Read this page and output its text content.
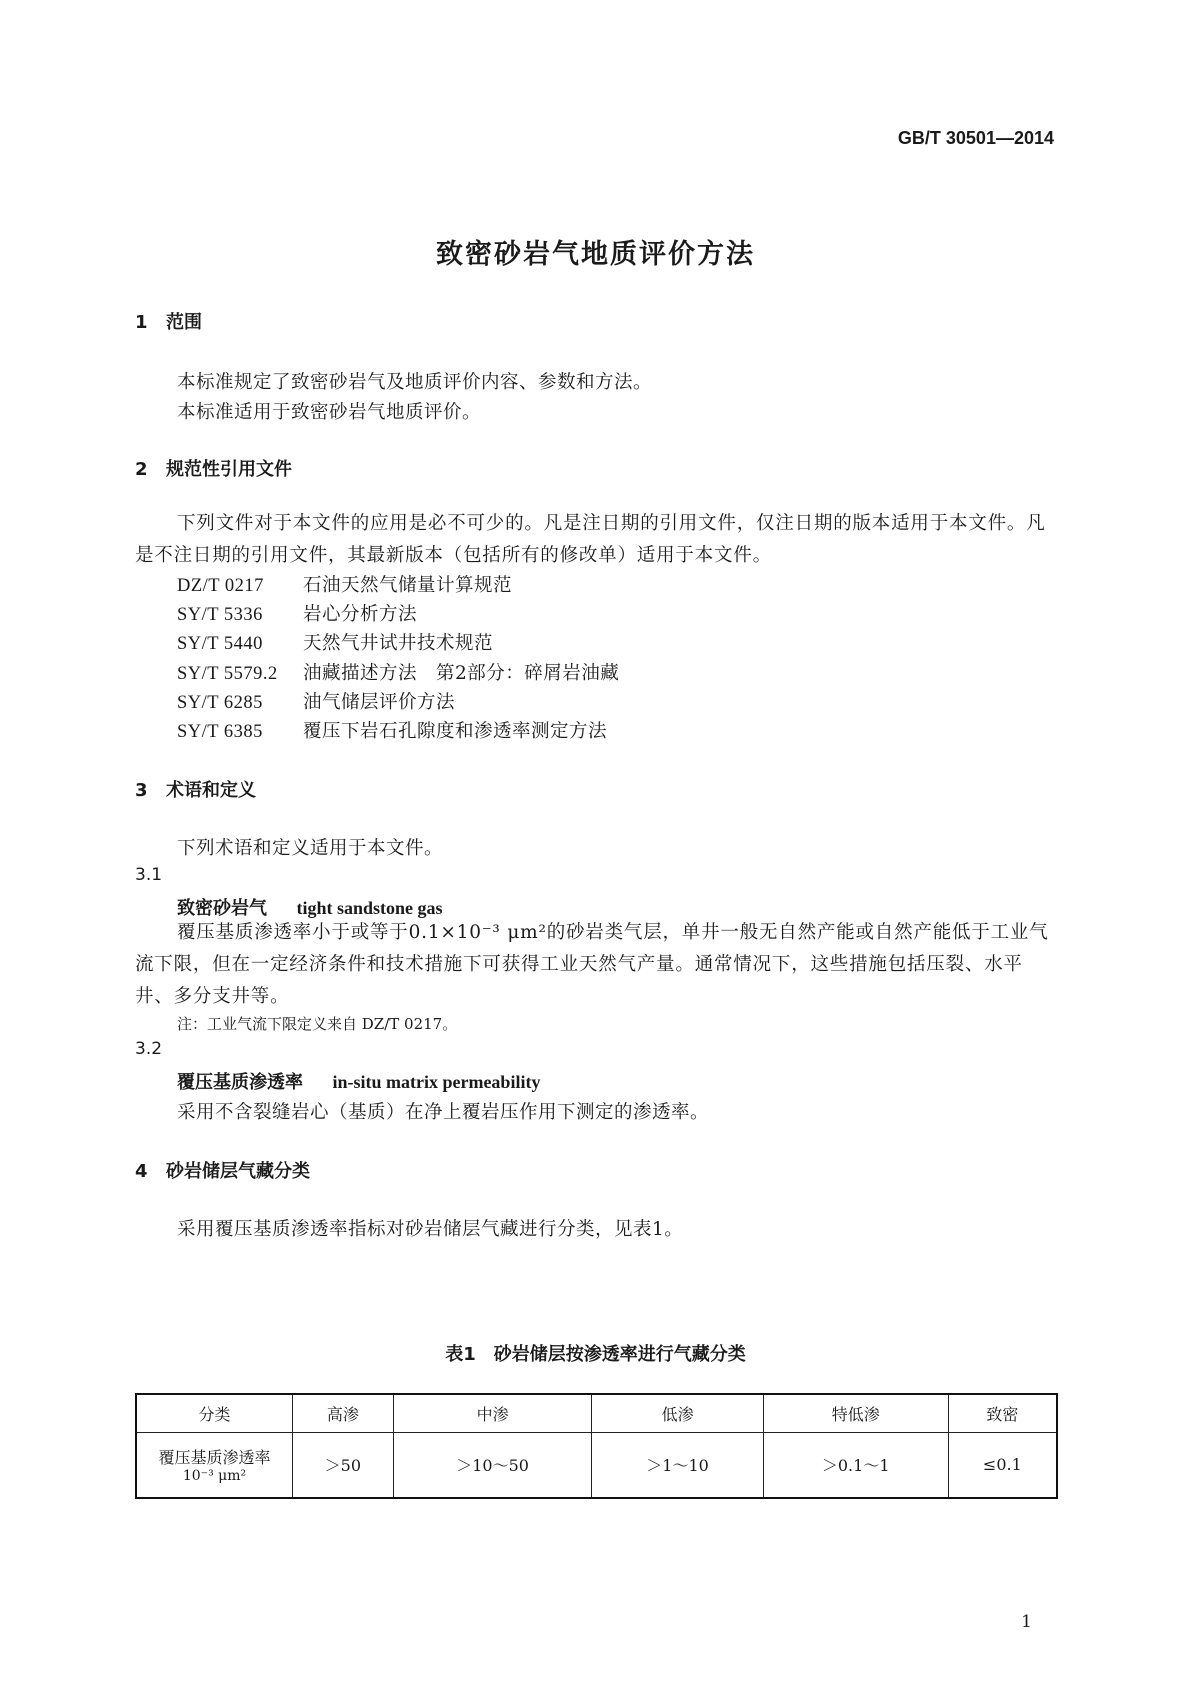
GB/T 30501—2014
致密砂岩气地质评价方法
1 范围
本标准规定了致密砂岩气及地质评价内容、参数和方法。
本标准适用于致密砂岩气地质评价。
2 规范性引用文件
下列文件对于本文件的应用是必不可少的。凡是注日期的引用文件，仅注日期的版本适用于本文件。凡是不注日期的引用文件，其最新版本（包括所有的修改单）适用于本文件。
DZ/T 0217 石油天然气储量计算规范
SY/T 5336 岩心分析方法
SY/T 5440 天然气井试井技术规范
SY/T 5579.2 油藏描述方法　第2部分：碎屑岩油藏
SY/T 6285 油气储层评价方法
SY/T 6385 覆压下岩石孔隙度和渗透率测定方法
3 术语和定义
下列术语和定义适用于本文件。
3.1
致密砂岩气 tight sandstone gas
覆压基质渗透率小于或等于0.1×10⁻³ μm²的砂岩类气层，单井一般无自然产能或自然产能低于工业气流下限，但在一定经济条件和技术措施下可获得工业天然气产量。通常情况下，这些措施包括压裂、水平井、多分支井等。
注：工业气流下限定义来自 DZ/T 0217。
3.2
覆压基质渗透率 in-situ matrix permeability
采用不含裂缝岩心（基质）在净上覆岩压作用下测定的渗透率。
4 砂岩储层气藏分类
采用覆压基质渗透率指标对砂岩储层气藏进行分类，见表1。
表1　砂岩储层按渗透率进行气藏分类
分类	高渗	中渗	低渗	特低渗	致密
覆压基质渗透率
10⁻³ μm²	＞50	＞10～50	＞1～10	＞0.1～1	≤0.1
1
